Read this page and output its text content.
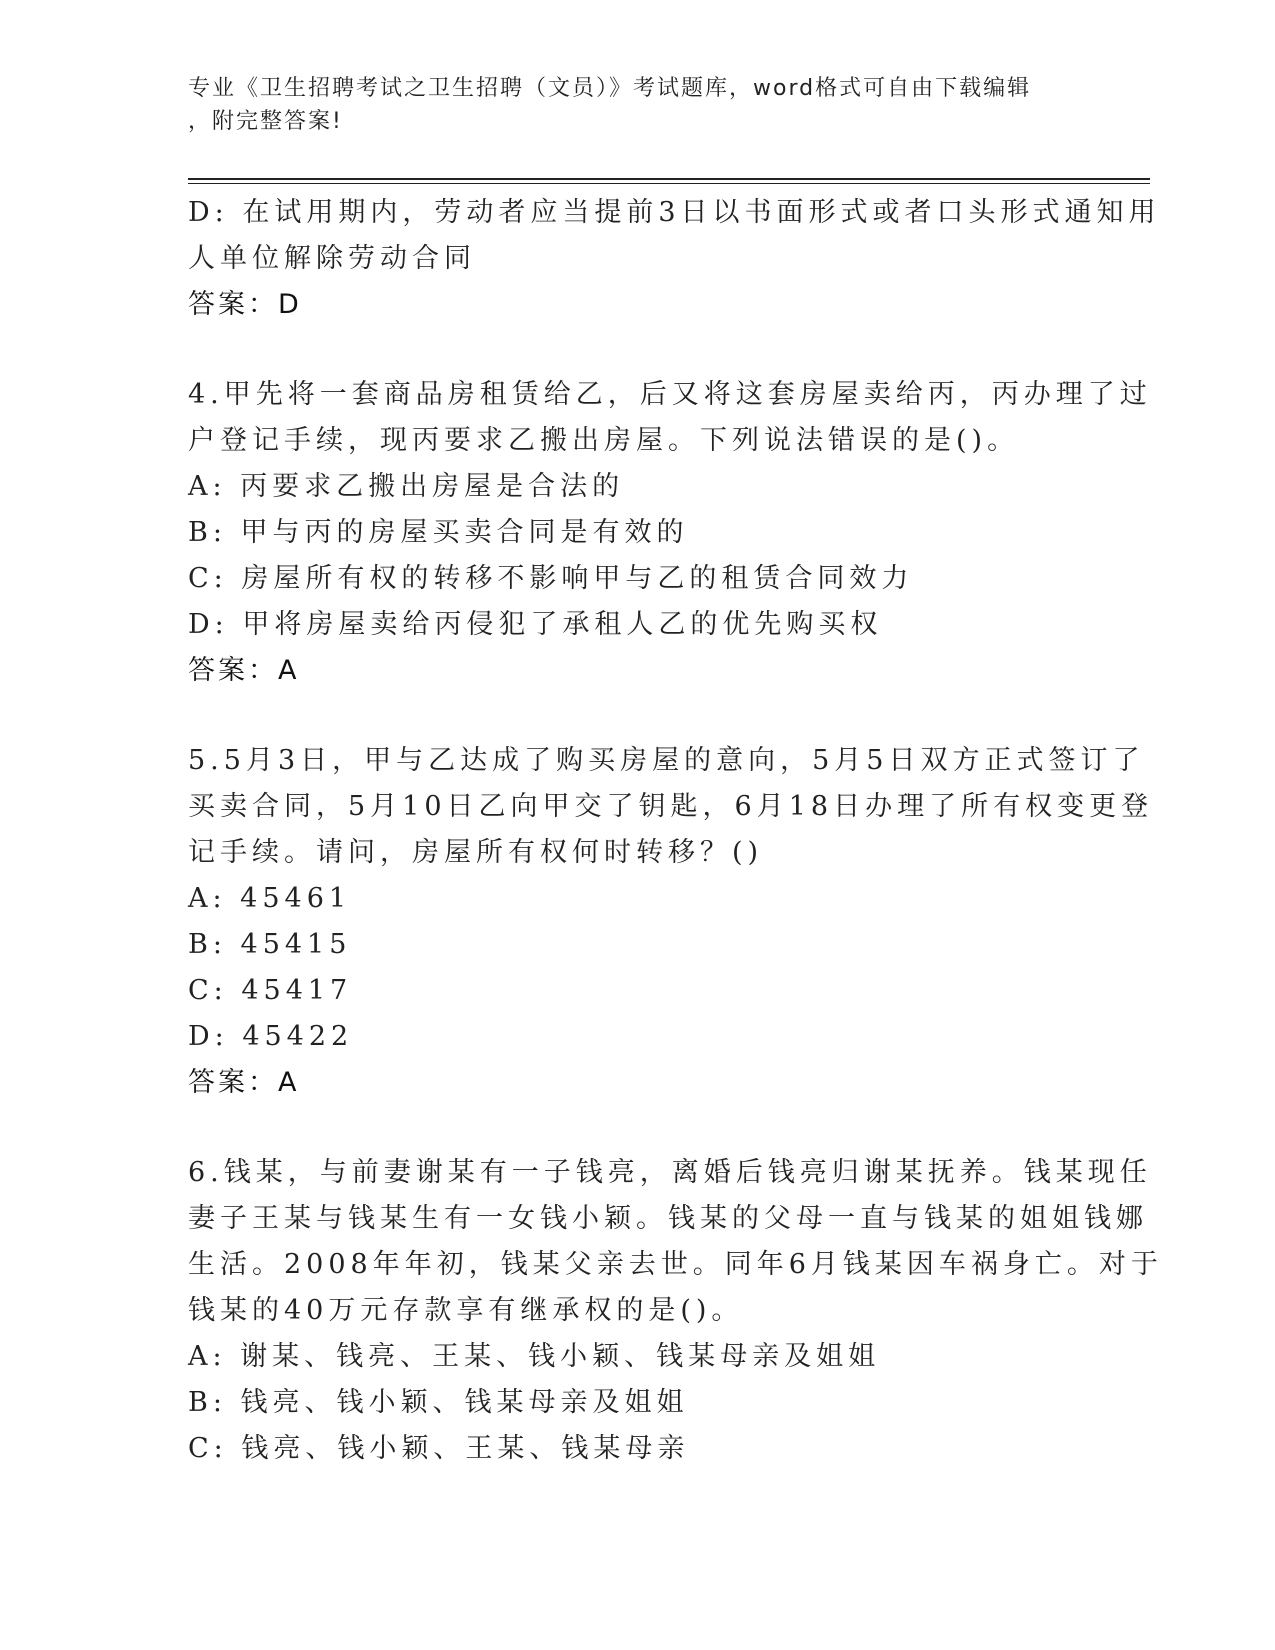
专业《卫生招聘考试之卫生招聘（文员）》考试题库，word格式可自由下载编辑
，附完整答案!
D: 在试用期内，劳动者应当提前3日以书面形式或者口头形式通知用
人单位解除劳动合同
答案：D
4.甲先将一套商品房租赁给乙，后又将这套房屋卖给丙，丙办理了过
户登记手续，现丙要求乙搬出房屋。下列说法错误的是()。
A: 丙要求乙搬出房屋是合法的
B: 甲与丙的房屋买卖合同是有效的
C: 房屋所有权的转移不影响甲与乙的租赁合同效力
D: 甲将房屋卖给丙侵犯了承租人乙的优先购买权
答案：A
5.5月3日，甲与乙达成了购买房屋的意向，5月5日双方正式签订了
买卖合同，5月10日乙向甲交了钥匙，6月18日办理了所有权变更登
记手续。请问，房屋所有权何时转移？()
A: 45461
B: 45415
C: 45417
D: 45422
答案：A
6.钱某，与前妻谢某有一子钱亮，离婚后钱亮归谢某抚养。钱某现任
妻子王某与钱某生有一女钱小颖。钱某的父母一直与钱某的姐姐钱娜
生活。2008年年初，钱某父亲去世。同年6月钱某因车祸身亡。对于
钱某的40万元存款享有继承权的是()。
A: 谢某、钱亮、王某、钱小颖、钱某母亲及姐姐
B: 钱亮、钱小颖、钱某母亲及姐姐
C: 钱亮、钱小颖、王某、钱某母亲
